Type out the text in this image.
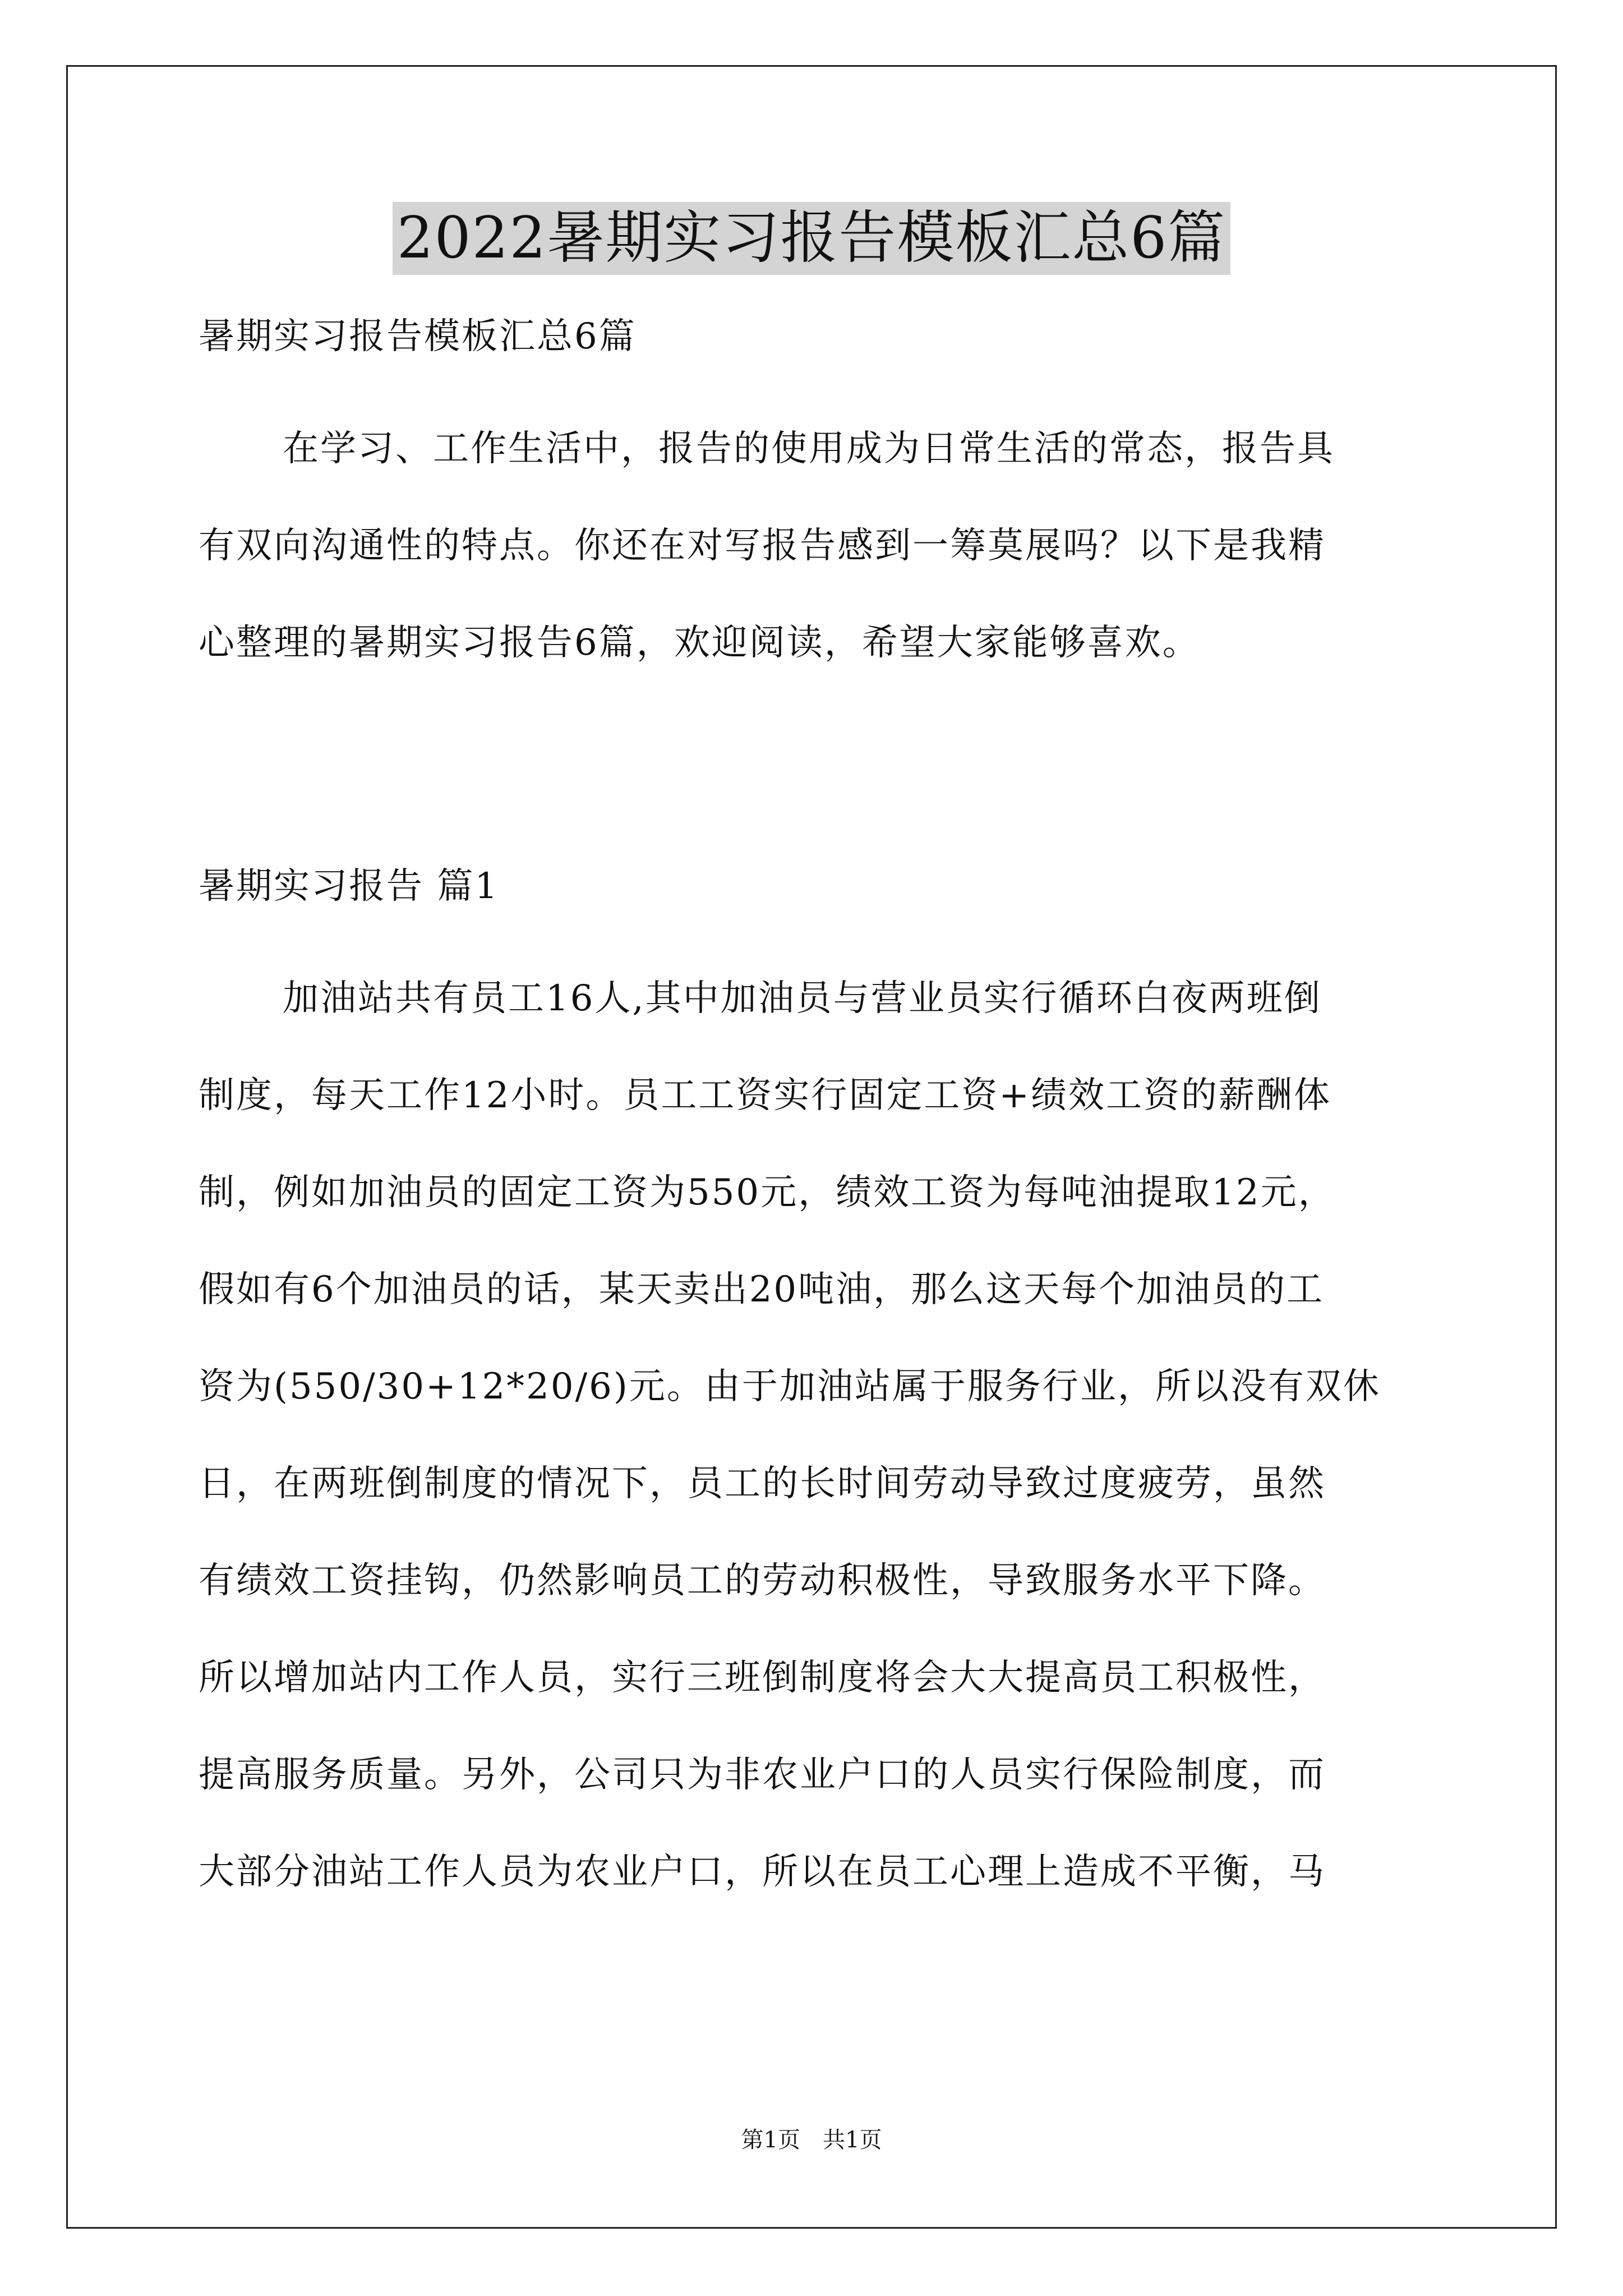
2022暑期实习报告模板汇总6篇
暑期实习报告模板汇总6篇
在学习、工作生活中，报告的使用成为日常生活的常态，报告具
有双向沟通性的特点。你还在对写报告感到一筹莫展吗？以下是我精
心整理的暑期实习报告6篇，欢迎阅读，希望大家能够喜欢。
暑期实习报告 篇1
加油站共有员工16人,其中加油员与营业员实行循环白夜两班倒
制度，每天工作12小时。员工工资实行固定工资+绩效工资的薪酬体
制，例如加油员的固定工资为550元，绩效工资为每吨油提取12元，
假如有6个加油员的话，某天卖出20吨油，那么这天每个加油员的工
资为(550/30+12*20/6)元。由于加油站属于服务行业，所以没有双休
日，在两班倒制度的情况下，员工的长时间劳动导致过度疲劳，虽然
有绩效工资挂钩，仍然影响员工的劳动积极性，导致服务水平下降。
所以增加站内工作人员，实行三班倒制度将会大大提高员工积极性，
提高服务质量。另外，公司只为非农业户口的人员实行保险制度，而
大部分油站工作人员为农业户口，所以在员工心理上造成不平衡，马
第1页　共1页
